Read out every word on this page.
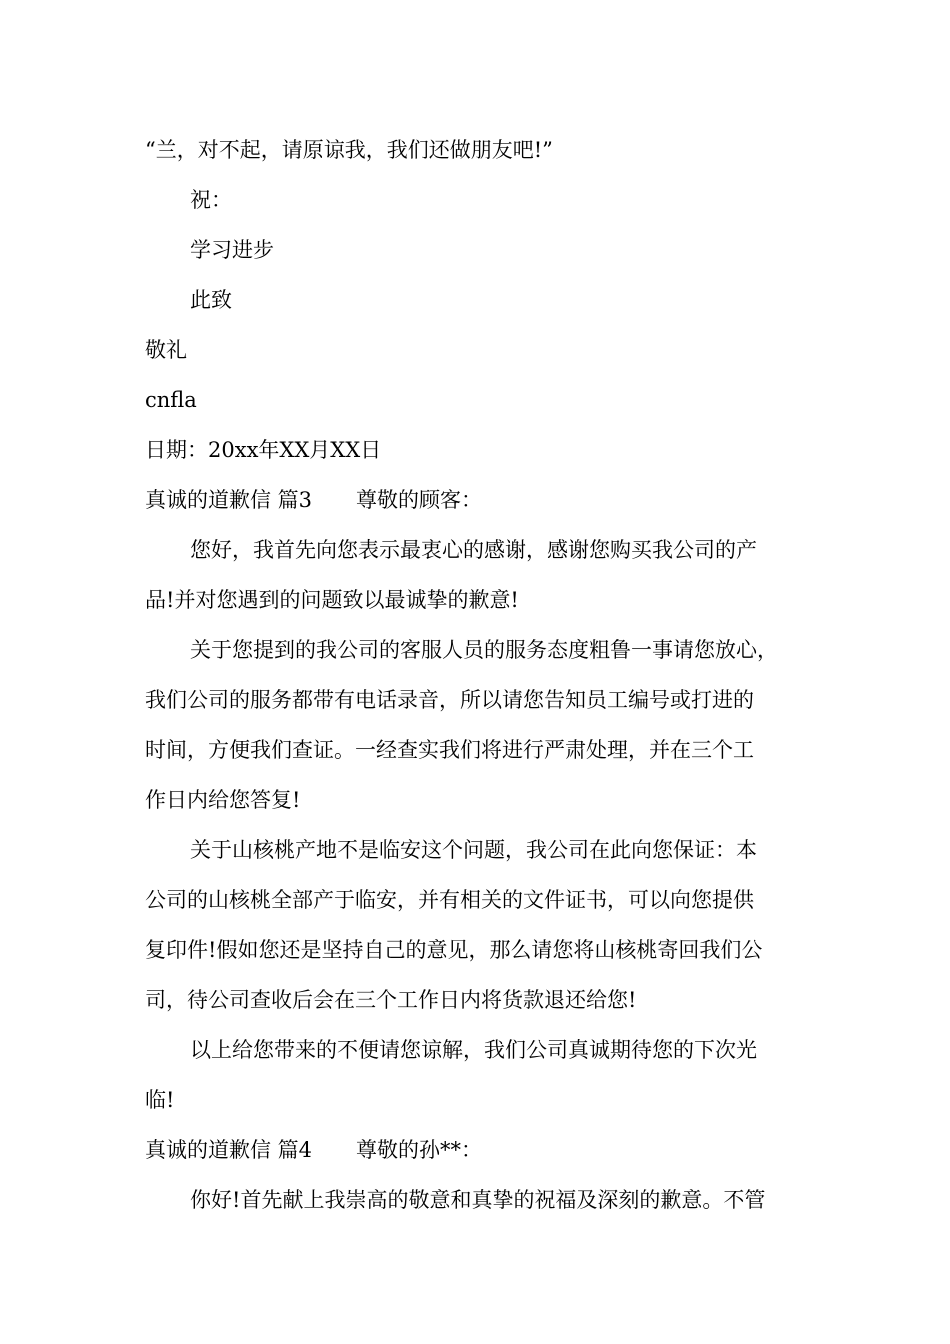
“兰，对不起，请原谅我，我们还做朋友吧!”
祝：
学习进步
此致
敬礼
cnfla
日期：20xx年XX月XX日
真诚的道歉信 篇3 尊敬的顾客：
您好，我首先向您表示最衷心的感谢，感谢您购买我公司的产
品!并对您遇到的问题致以最诚挚的歉意!
关于您提到的我公司的客服人员的服务态度粗鲁一事请您放心，
我们公司的服务都带有电话录音，所以请您告知员工编号或打进的
时间，方便我们查证。一经查实我们将进行严肃处理，并在三个工
作日内给您答复!
关于山核桃产地不是临安这个问题，我公司在此向您保证：本
公司的山核桃全部产于临安，并有相关的文件证书，可以向您提供
复印件!假如您还是坚持自己的意见，那么请您将山核桃寄回我们公
司，待公司查收后会在三个工作日内将货款退还给您!
以上给您带来的不便请您谅解，我们公司真诚期待您的下次光
临!
真诚的道歉信 篇4 尊敬的孙**：
你好!首先献上我崇高的敬意和真挚的祝福及深刻的歉意。不管
